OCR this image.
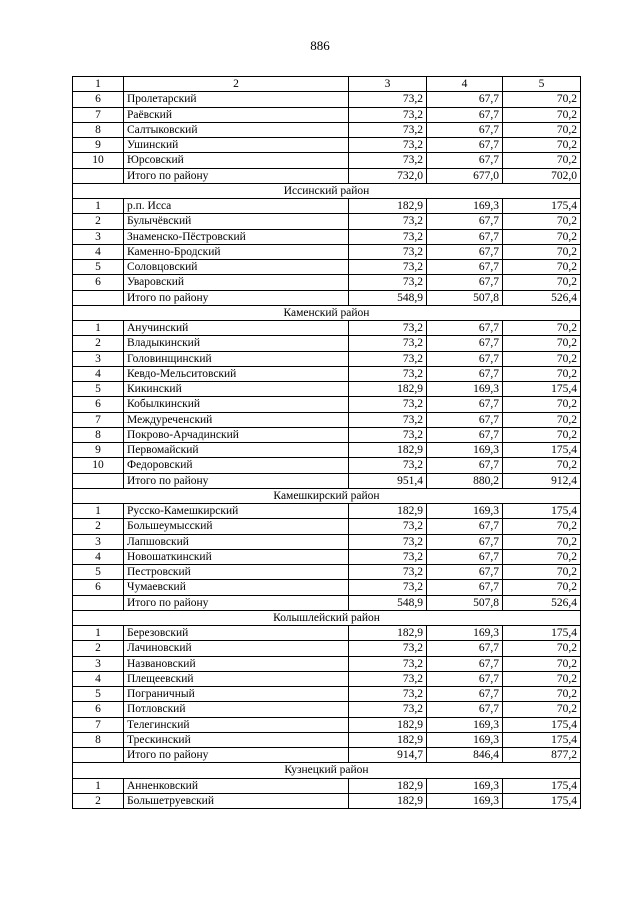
886
1	2	3	4	5
6	Пролетарский	73,2	67,7	70,2
7	Раёвский	73,2	67,7	70,2
8	Салтыковский	73,2	67,7	70,2
9	Ушинский	73,2	67,7	70,2
10	Юрсовский	73,2	67,7	70,2
	Итого по району	732,0	677,0	702,0
Иссинский район				
1	р.п. Исса	182,9	169,3	175,4
2	Булычёвский	73,2	67,7	70,2
3	Знаменско-Пёстровский	73,2	67,7	70,2
4	Каменно-Бродский	73,2	67,7	70,2
5	Соловцовский	73,2	67,7	70,2
6	Уваровский	73,2	67,7	70,2
	Итого по району	548,9	507,8	526,4
Каменский район				
1	Анучинский	73,2	67,7	70,2
2	Владыкинский	73,2	67,7	70,2
3	Головинщинский	73,2	67,7	70,2
4	Кевдо-Мельситовский	73,2	67,7	70,2
5	Кикинский	182,9	169,3	175,4
6	Кобылкинский	73,2	67,7	70,2
7	Междуреченский	73,2	67,7	70,2
8	Покрово-Арчадинский	73,2	67,7	70,2
9	Первомайский	182,9	169,3	175,4
10	Федоровский	73,2	67,7	70,2
	Итого по району	951,4	880,2	912,4
Камешкирский район				
1	Русско-Камешкирский	182,9	169,3	175,4
2	Большеумысский	73,2	67,7	70,2
3	Лапшовский	73,2	67,7	70,2
4	Новошаткинский	73,2	67,7	70,2
5	Пестровский	73,2	67,7	70,2
6	Чумаевский	73,2	67,7	70,2
	Итого по району	548,9	507,8	526,4
Колышлейский район				
1	Березовский	182,9	169,3	175,4
2	Лачиновский	73,2	67,7	70,2
3	Названовский	73,2	67,7	70,2
4	Плещеевский	73,2	67,7	70,2
5	Пограничный	73,2	67,7	70,2
6	Потловский	73,2	67,7	70,2
7	Телегинский	182,9	169,3	175,4
8	Трескинский	182,9	169,3	175,4
	Итого по району	914,7	846,4	877,2
Кузнецкий район				
1	Анненковский	182,9	169,3	175,4
2	Большетруевский	182,9	169,3	175,4
